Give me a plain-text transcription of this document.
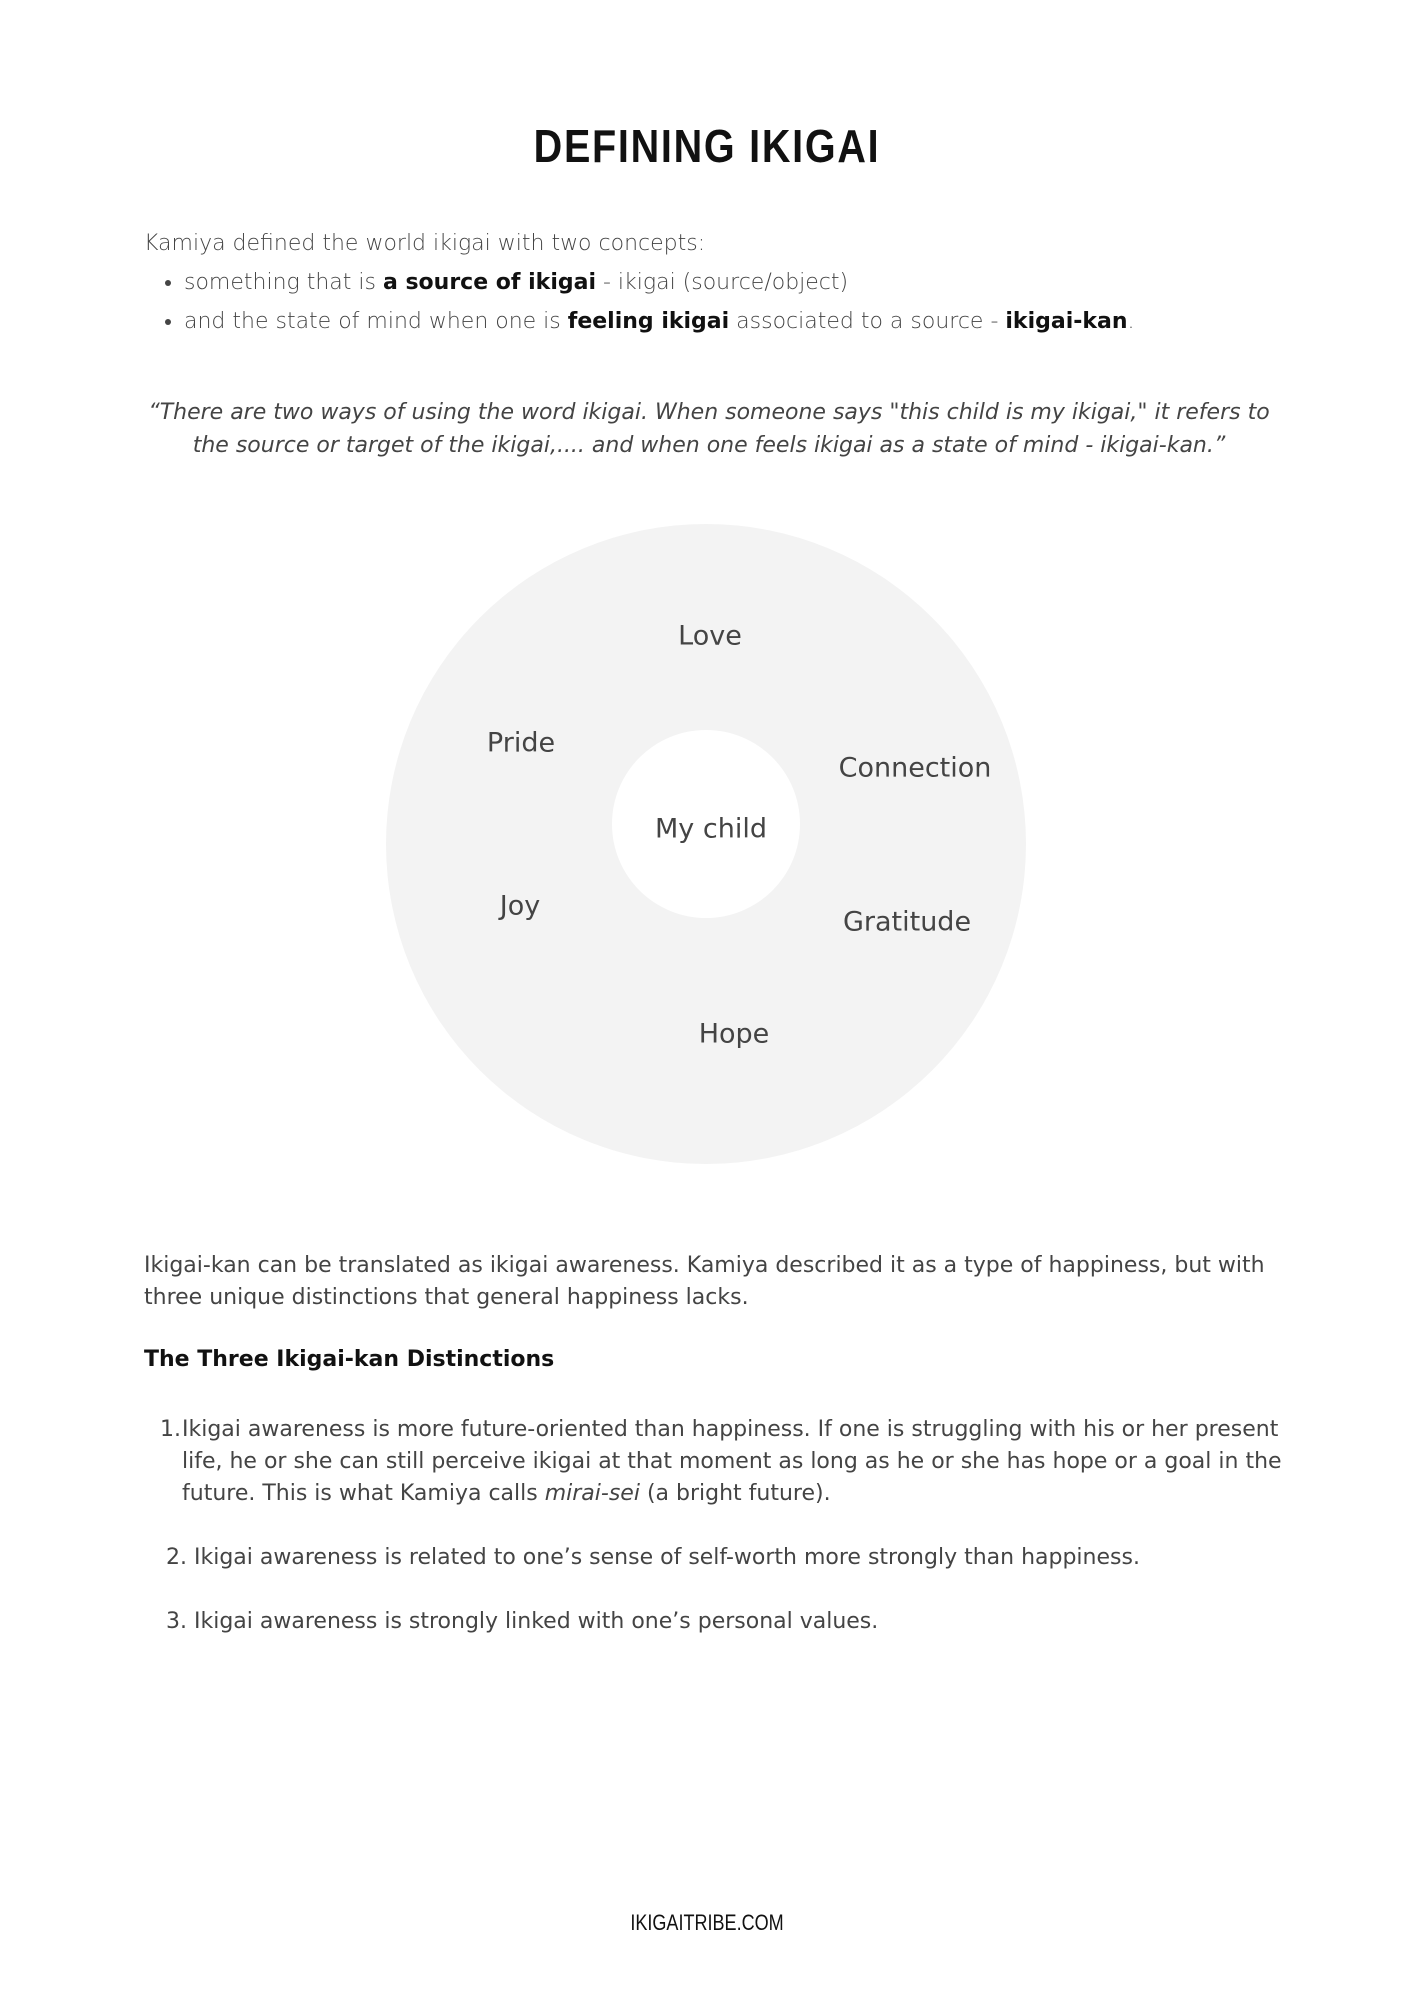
DEFINING IKIGAI

Kamiya defined the world ikigai with two concepts:

• something that is a source of ikigai - ikigai (source/object)
• and the state of mind when one is feeling ikigai associated to a source - ikigai-kan.

“There are two ways of using the word ikigai. When someone says "this child is my ikigai," it refers to the source or target of the ikigai,.... and when one feels ikigai as a state of mind - ikigai-kan.”

Love
Pride
Connection
My child
Joy
Gratitude
Hope

Ikigai-kan can be translated as ikigai awareness. Kamiya described it as a type of happiness, but with three unique distinctions that general happiness lacks.

The Three Ikigai-kan Distinctions
1. Ikigai awareness is more future-oriented than happiness. If one is struggling with his or her present life, he or she can still perceive ikigai at that moment as long as he or she has hope or a goal in the future. This is what Kamiya calls mirai-sei (a bright future).
2. Ikigai awareness is related to one’s sense of self-worth more strongly than happiness.
3. Ikigai awareness is strongly linked with one’s personal values.
IKIGAITRIBE.COM
